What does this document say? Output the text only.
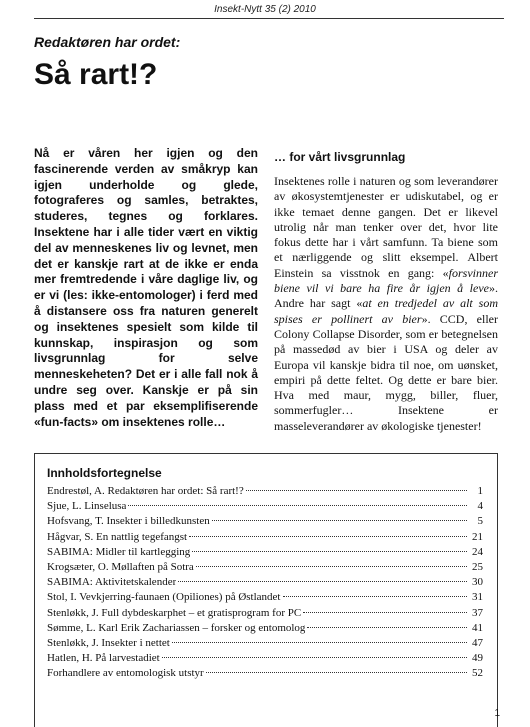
Insekt-Nytt 35 (2) 2010
Redaktøren har ordet:
Så rart!?

Nå er våren her igjen og den fascinerende verden av småkryp kan igjen underholde og glede, fotograferes og samles, betraktes, studeres, tegnes og forklares. Insektene har i alle tider vært en viktig del av menneskenes liv og levnet, men det er kanskje rart at de ikke er enda mer fremtredende i våre daglige liv, og er vi (les: ikke-entomologer) i ferd med å distansere oss fra naturen generelt og insektenes spesielt som kilde til kunnskap, inspirasjon og som livsgrunnlag for selve menneskeheten? Det er i alle fall nok å undre seg over. Kanskje er på sin plass med et par eksemplifiserende «fun-facts» om insektenes rolle…

… for vårt livsgrunnlag

Insektenes rolle i naturen og som leverandører av økosystemtjenester er udiskutabel, og er ikke temaet denne gangen. Det er likevel utrolig når man tenker over det, hvor lite fokus dette har i vårt samfunn. Ta biene som et nærliggende og slitt eksempel. Albert Einstein sa visstnok en gang: «forsvinner biene vil vi bare ha fire år igjen å leve». Andre har sagt «at en tredjedel av alt som spises er pollinert av bier». CCD, eller Colony Collapse Disorder, som er betegnelsen på massedød av bier i USA og deler av Europa vil kanskje bidra til noe, om uønsket, empiri på dette feltet. Og dette er bare bier. Hva med maur, mygg, biller, fluer, sommerfugler… Insektene er masseleverandører av økologiske tjenester!

Innholdsfortegnelse
Endrestøl, A. Redaktøren har ordet: Så rart!?	1
Sjue, L. Linselusa	4
Hofsvang, T. Insekter i billedkunsten	5
Hågvar, S. En nattlig tegefangst	21
SABIMA: Midler til kartlegging	24
Krogsæter, O. Møllaften på Sotra	25
SABIMA: Aktivitetskalender	30
Stol, I. Vevkjerring-faunaen (Opiliones) på Østlandet	31
Stenløkk, J. Full dybdeskarphet – et gratisprogram for PC	37
Sømme, L. Karl Erik Zachariassen – forsker og entomolog	41
Stenløkk, J. Insekter i nettet	47
Hatlen, H. På larvestadiet	49
Forhandlere av entomologisk utstyr	52
1
